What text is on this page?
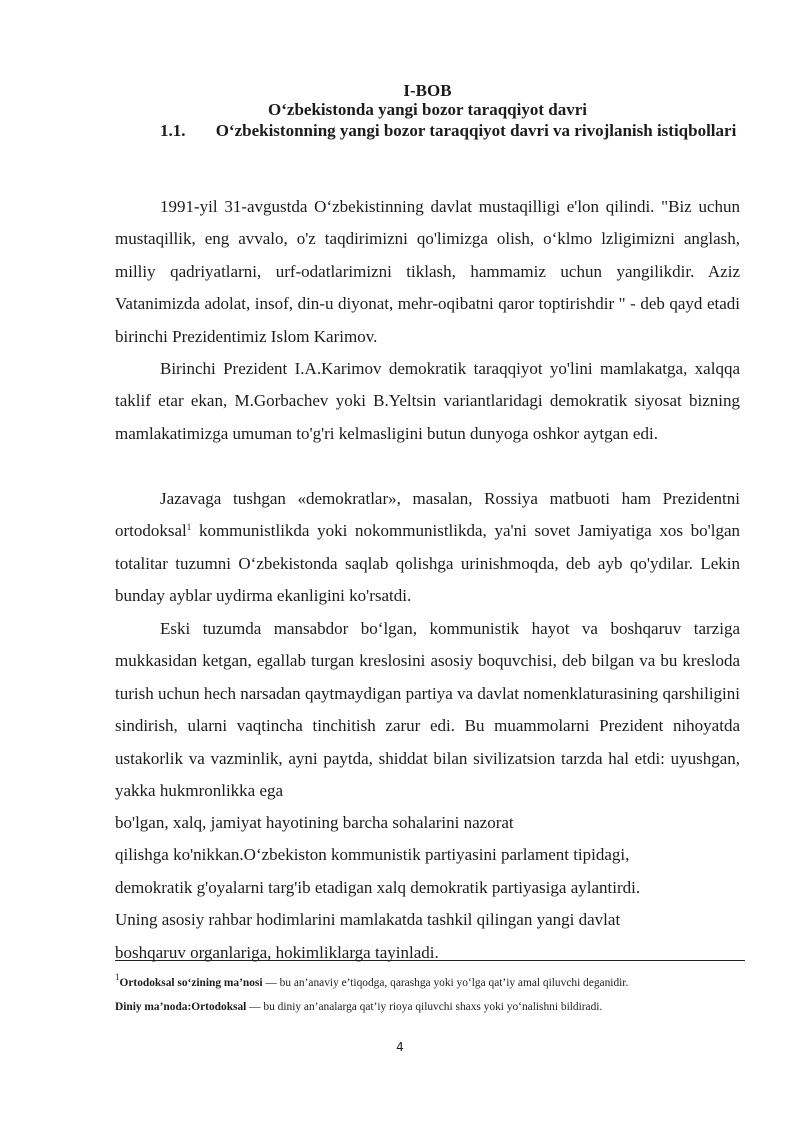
I-BOB
O‘zbekistonda yangi bozor taraqqiyot davri
1.1. O‘zbekistonning yangi bozor taraqqiyot davri va rivojlanish istiqbollari
1991-yil 31-avgustda O‘zbekistinning davlat mustaqilligi e'lon qilindi. "Biz uchun mustaqillik, eng avvalo, o'z taqdirimizni qo'limizga olish, o‘klmo lzligimizni anglash, milliy qadriyatlarni, urf-odatlarimizni tiklash, hammamiz uchun yangilikdir. Aziz Vatanimizda adolat, insof, din-u diyonat, mehr-oqibatni qaror toptirishdir " - deb qayd etadi birinchi Prezidentimiz Islom Karimov.
Birinchi Prezident I.A.Karimov demokratik taraqqiyot yo'lini mamlakatga, xalqqa taklif etar ekan, M.Gorbachev yoki B.Yeltsin variantlaridagi demokratik siyosat bizning mamlakatimizga umuman to'g'ri kelmasligini butun dunyoga oshkor aytgan edi.
Jazavaga tushgan «demokratlar», masalan, Rossiya matbuoti ham Prezidentni ortodoksal$^1$ kommunistlikda yoki nokommunistlikda, ya'ni sovet Jamiyatiga xos bo'lgan totalitar tuzumni O‘zbekistonda saqlab qolishga urinishmoqda, deb ayb qo'ydilar. Lekin bunday ayblar uydirma ekanligini ko'rsatdi.
Eski tuzumda mansabdor bo‘lgan, kommunistik hayot va boshqaruv tarziga mukkasidan ketgan, egallab turgan kreslosini asosiy boquvchisi, deb bilgan va bu kresloda turish uchun hech narsadan qaytmaydigan partiya va davlat nomenklaturasining qarshiligini sindirish, ularni vaqtincha tinchitish zarur edi. Bu muammolarni Prezident nihoyatda ustakorlik va vazminlik, ayni paytda, shiddat bilan sivilizatsion tarzda hal etdi: uyushgan, yakka hukmronlikka ega
bo'lgan, xalq, jamiyat hayotining barcha sohalarini nazorat
qilishga ko'nikkan.O‘zbekiston kommunistik partiyasini parlament tipidagi,
demokratik g'oyalarni targ'ib etadigan xalq demokratik partiyasiga aylantirdi.
Uning asosiy rahbar hodimlarini mamlakatda tashkil qilingan yangi davlat
boshqaruv organlariga, hokimliklarga tayinladi.
$^1$Ortodoksal so‘zining ma’nosi — bu an’anaviy e’tiqodga, qarashga yoki yo‘lga qat’iy amal qiluvchi deganidir.
Diniy ma’noda:Ortodoksal — bu diniy an’analarga qat’iy rioya qiluvchi shaxs yoki yo‘nalishni bildiradi.
4
